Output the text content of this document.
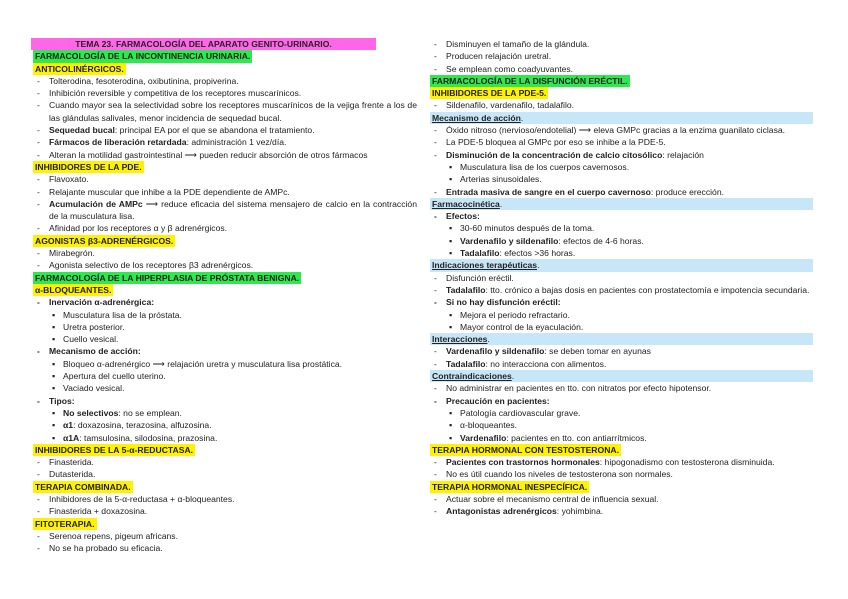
TEMA 23. FARMACOLOGÍA DEL APARATO GENITO-URINARIO.
FARMACOLOGÍA DE LA INCONTINENCIA URINARIA.
ANTICOLINÉRGICOS.
- Tolterodina, fesoterodina, oxibutinina, propiverina.
- Inhibición reversible y competitiva de los receptores muscarínicos.
- Cuando mayor sea la selectividad sobre los receptores muscarínicos de la vejiga frente a los de las glándulas salivales, menor incidencia de sequedad bucal.
- Sequedad bucal: principal EA por el que se abandona el tratamiento.
- Fármacos de liberación retardada: administración 1 vez/día.
- Alteran la motilidad gastrointestinal ⟶ pueden reducir absorción de otros fármacos
INHIBIDORES DE LA PDE.
- Flavoxato.
- Relajante muscular que inhibe a la PDE dependiente de AMPc.
- Acumulación de AMPc ⟶ reduce eficacia del sistema mensajero de calcio en la contracción de la musculatura lisa.
- Afinidad por los receptores α y β adrenérgicos.
AGONISTAS β3-ADRENÉRGICOS.
- Mirabegrón.
- Agonista selectivo de los receptores β3 adrenérgicos.
FARMACOLOGÍA DE LA HIPERPLASIA DE PRÓSTATA BENIGNA.
α-BLOQUEANTES.
- Inervación α-adrenérgica:
▪ Musculatura lisa de la próstata.
▪ Uretra posterior.
▪ Cuello vesical.
- Mecanismo de acción:
▪ Bloqueo α-adrenérgico ⟶ relajación uretra y musculatura lisa prostática.
▪ Apertura del cuello uterino.
▪ Vaciado vesical.
- Tipos:
▪ No selectivos: no se emplean.
▪ α1: doxazosina, terazosina, alfuzosina.
▪ α1A: tamsulosina, silodosina, prazosina.
INHIBIDORES DE LA 5-α-REDUCTASA.
- Finasterida.
- Dutasterida.
TERAPIA COMBINADA.
- Inhibidores de la 5-α-reductasa + α-bloqueantes.
- Finasterida + doxazosina.
FITOTERAPIA.
- Serenoa repens, pigeum africans.
- No se ha probado su eficacia.
- Disminuyen el tamaño de la glándula.
- Producen relajación uretral.
- Se emplean como coadyuvantes.
FARMACOLOGÍA DE LA DISFUNCIÓN ERÉCTIL.
INHIBIDORES DE LA PDE-5.
- Sildenafilo, vardenafilo, tadalafilo.
Mecanismo de acción.
- Óxido nitroso (nervioso/endotelial) ⟶ eleva GMPc gracias a la enzima guanilato ciclasa.
- La PDE-5 bloquea al GMPc por eso se inhibe a la PDE-5.
- Disminución de la concentración de calcio citosólico: relajación
▪ Musculatura lisa de los cuerpos cavernosos.
▪ Arterias sinusoidales.
- Entrada masiva de sangre en el cuerpo cavernoso: produce erección.
Farmacocinética.
- Efectos:
▪ 30-60 minutos después de la toma.
▪ Vardenafilo y sildenafilo: efectos de 4-6 horas.
▪ Tadalafilo: efectos >36 horas.
Indicaciones terapéuticas.
- Disfunción eréctil.
- Tadalafilo: tto. crónico a bajas dosis en pacientes con prostatectomía e impotencia secundaria.
- Si no hay disfunción eréctil:
▪ Mejora el periodo refractario.
▪ Mayor control de la eyaculación.
Interacciones.
- Vardenafilo y sildenafilo: se deben tomar en ayunas
- Tadalafilo: no interacciona con alimentos.
Contraindicaciones.
- No administrar en pacientes en tto. con nitratos por efecto hipotensor.
- Precaución en pacientes:
▪ Patología cardiovascular grave.
▪ α-bloqueantes.
▪ Vardenafilo: pacientes en tto. con antiarrítmicos.
TERAPIA HORMONAL CON TESTOSTERONA.
- Pacientes con trastornos hormonales: hipogonadismo con testosterona disminuida.
- No es útil cuando los niveles de testosterona son normales.
TERAPIA HORMONAL INESPECÍFICA.
- Actuar sobre el mecanismo central de influencia sexual.
- Antagonistas adrenérgicos: yohimbina.
